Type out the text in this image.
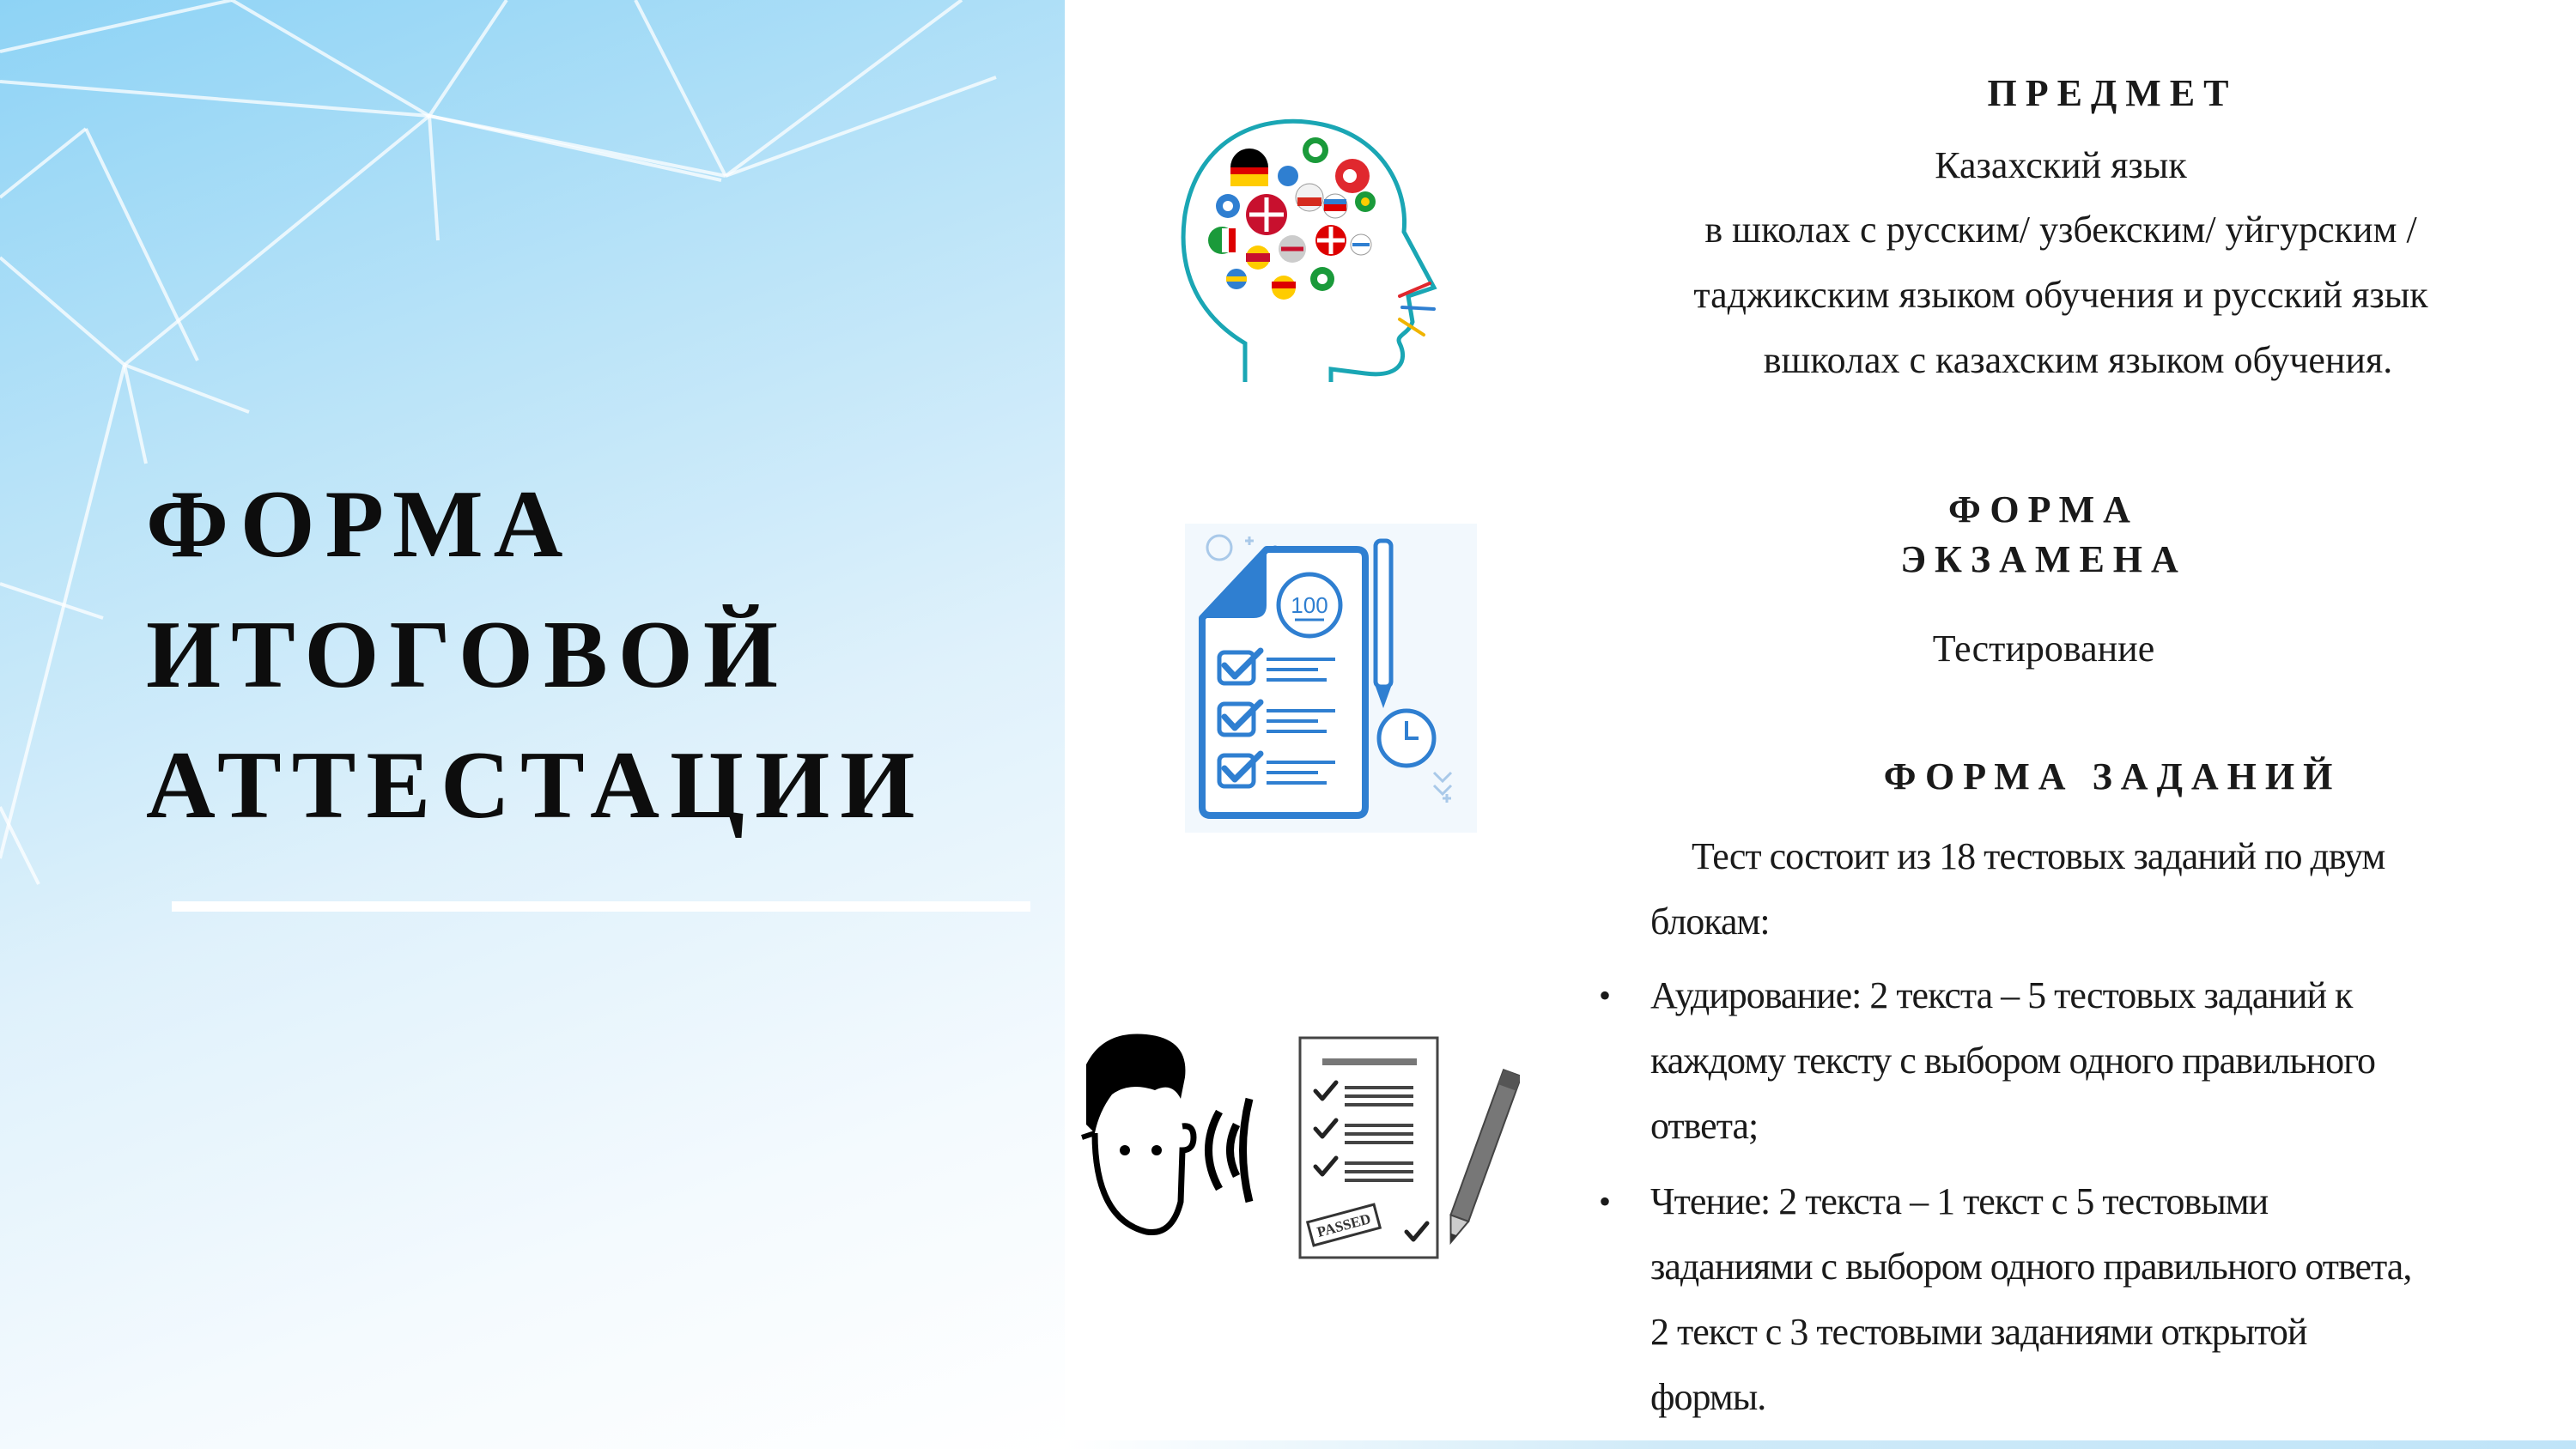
ФОРМА
ИТОГОВОЙ
АТТЕСТАЦИИ
100
PASSED
ПРЕДМЕТ

Казахский язык

в школах с русским/ узбекским/ уйгурским /

таджикским языком обучения и русский язык

вшколах с казахским языком обучения.

ФОРМА
ЭКЗАМЕНА

Тестирование

ФОРМА ЗАДАНИЙ

Тест состоит из 18 тестовых заданий по двум

блокам:

• Аудирование: 2 текста – 5 тестовых заданий к
каждому тексту с выбором одного правильного
ответа;
• Чтение: 2 текста – 1 текст с 5 тестовыми
заданиями с выбором одного правильного ответа,
2 текст с 3 тестовыми заданиями открытой
формы.
